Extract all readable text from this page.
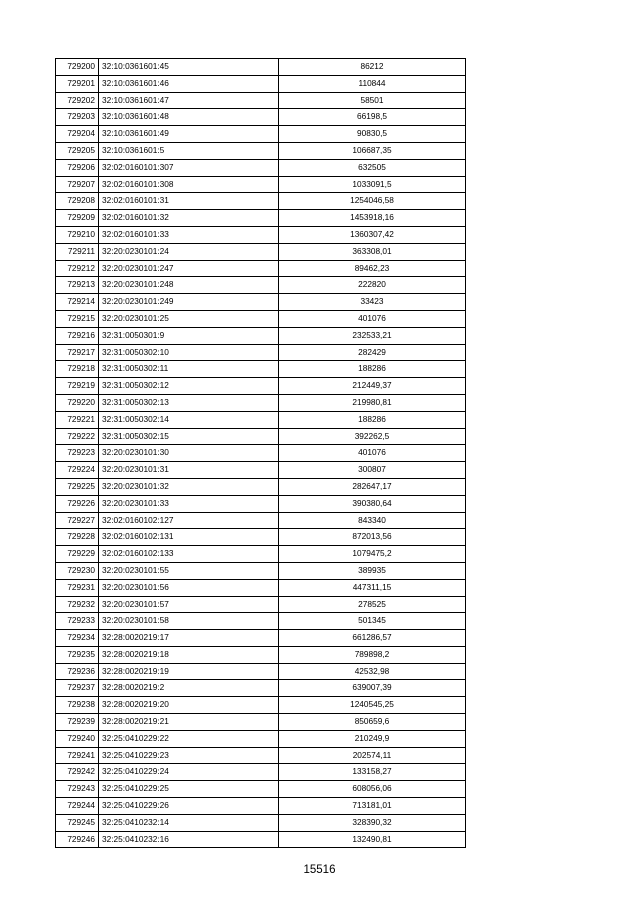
729200	32:10:0361601:45	86212
729201	32:10:0361601:46	110844
729202	32:10:0361601:47	58501
729203	32:10:0361601:48	66198,5
729204	32:10:0361601:49	90830,5
729205	32:10:0361601:5	106687,35
729206	32:02:0160101:307	632505
729207	32:02:0160101:308	1033091,5
729208	32:02:0160101:31	1254046,58
729209	32:02:0160101:32	1453918,16
729210	32:02:0160101:33	1360307,42
729211	32:20:0230101:24	363308,01
729212	32:20:0230101:247	89462,23
729213	32:20:0230101:248	222820
729214	32:20:0230101:249	33423
729215	32:20:0230101:25	401076
729216	32:31:0050301:9	232533,21
729217	32:31:0050302:10	282429
729218	32:31:0050302:11	188286
729219	32:31:0050302:12	212449,37
729220	32:31:0050302:13	219980,81
729221	32:31:0050302:14	188286
729222	32:31:0050302:15	392262,5
729223	32:20:0230101:30	401076
729224	32:20:0230101:31	300807
729225	32:20:0230101:32	282647,17
729226	32:20:0230101:33	390380,64
729227	32:02:0160102:127	843340
729228	32:02:0160102:131	872013,56
729229	32:02:0160102:133	1079475,2
729230	32:20:0230101:55	389935
729231	32:20:0230101:56	447311,15
729232	32:20:0230101:57	278525
729233	32:20:0230101:58	501345
729234	32:28:0020219:17	661286,57
729235	32:28:0020219:18	789898,2
729236	32:28:0020219:19	42532,98
729237	32:28:0020219:2	639007,39
729238	32:28:0020219:20	1240545,25
729239	32:28:0020219:21	850659,6
729240	32:25:0410229:22	210249,9
729241	32:25:0410229:23	202574,11
729242	32:25:0410229:24	133158,27
729243	32:25:0410229:25	608056,06
729244	32:25:0410229:26	713181,01
729245	32:25:0410232:14	328390,32
729246	32:25:0410232:16	132490,81
15516
